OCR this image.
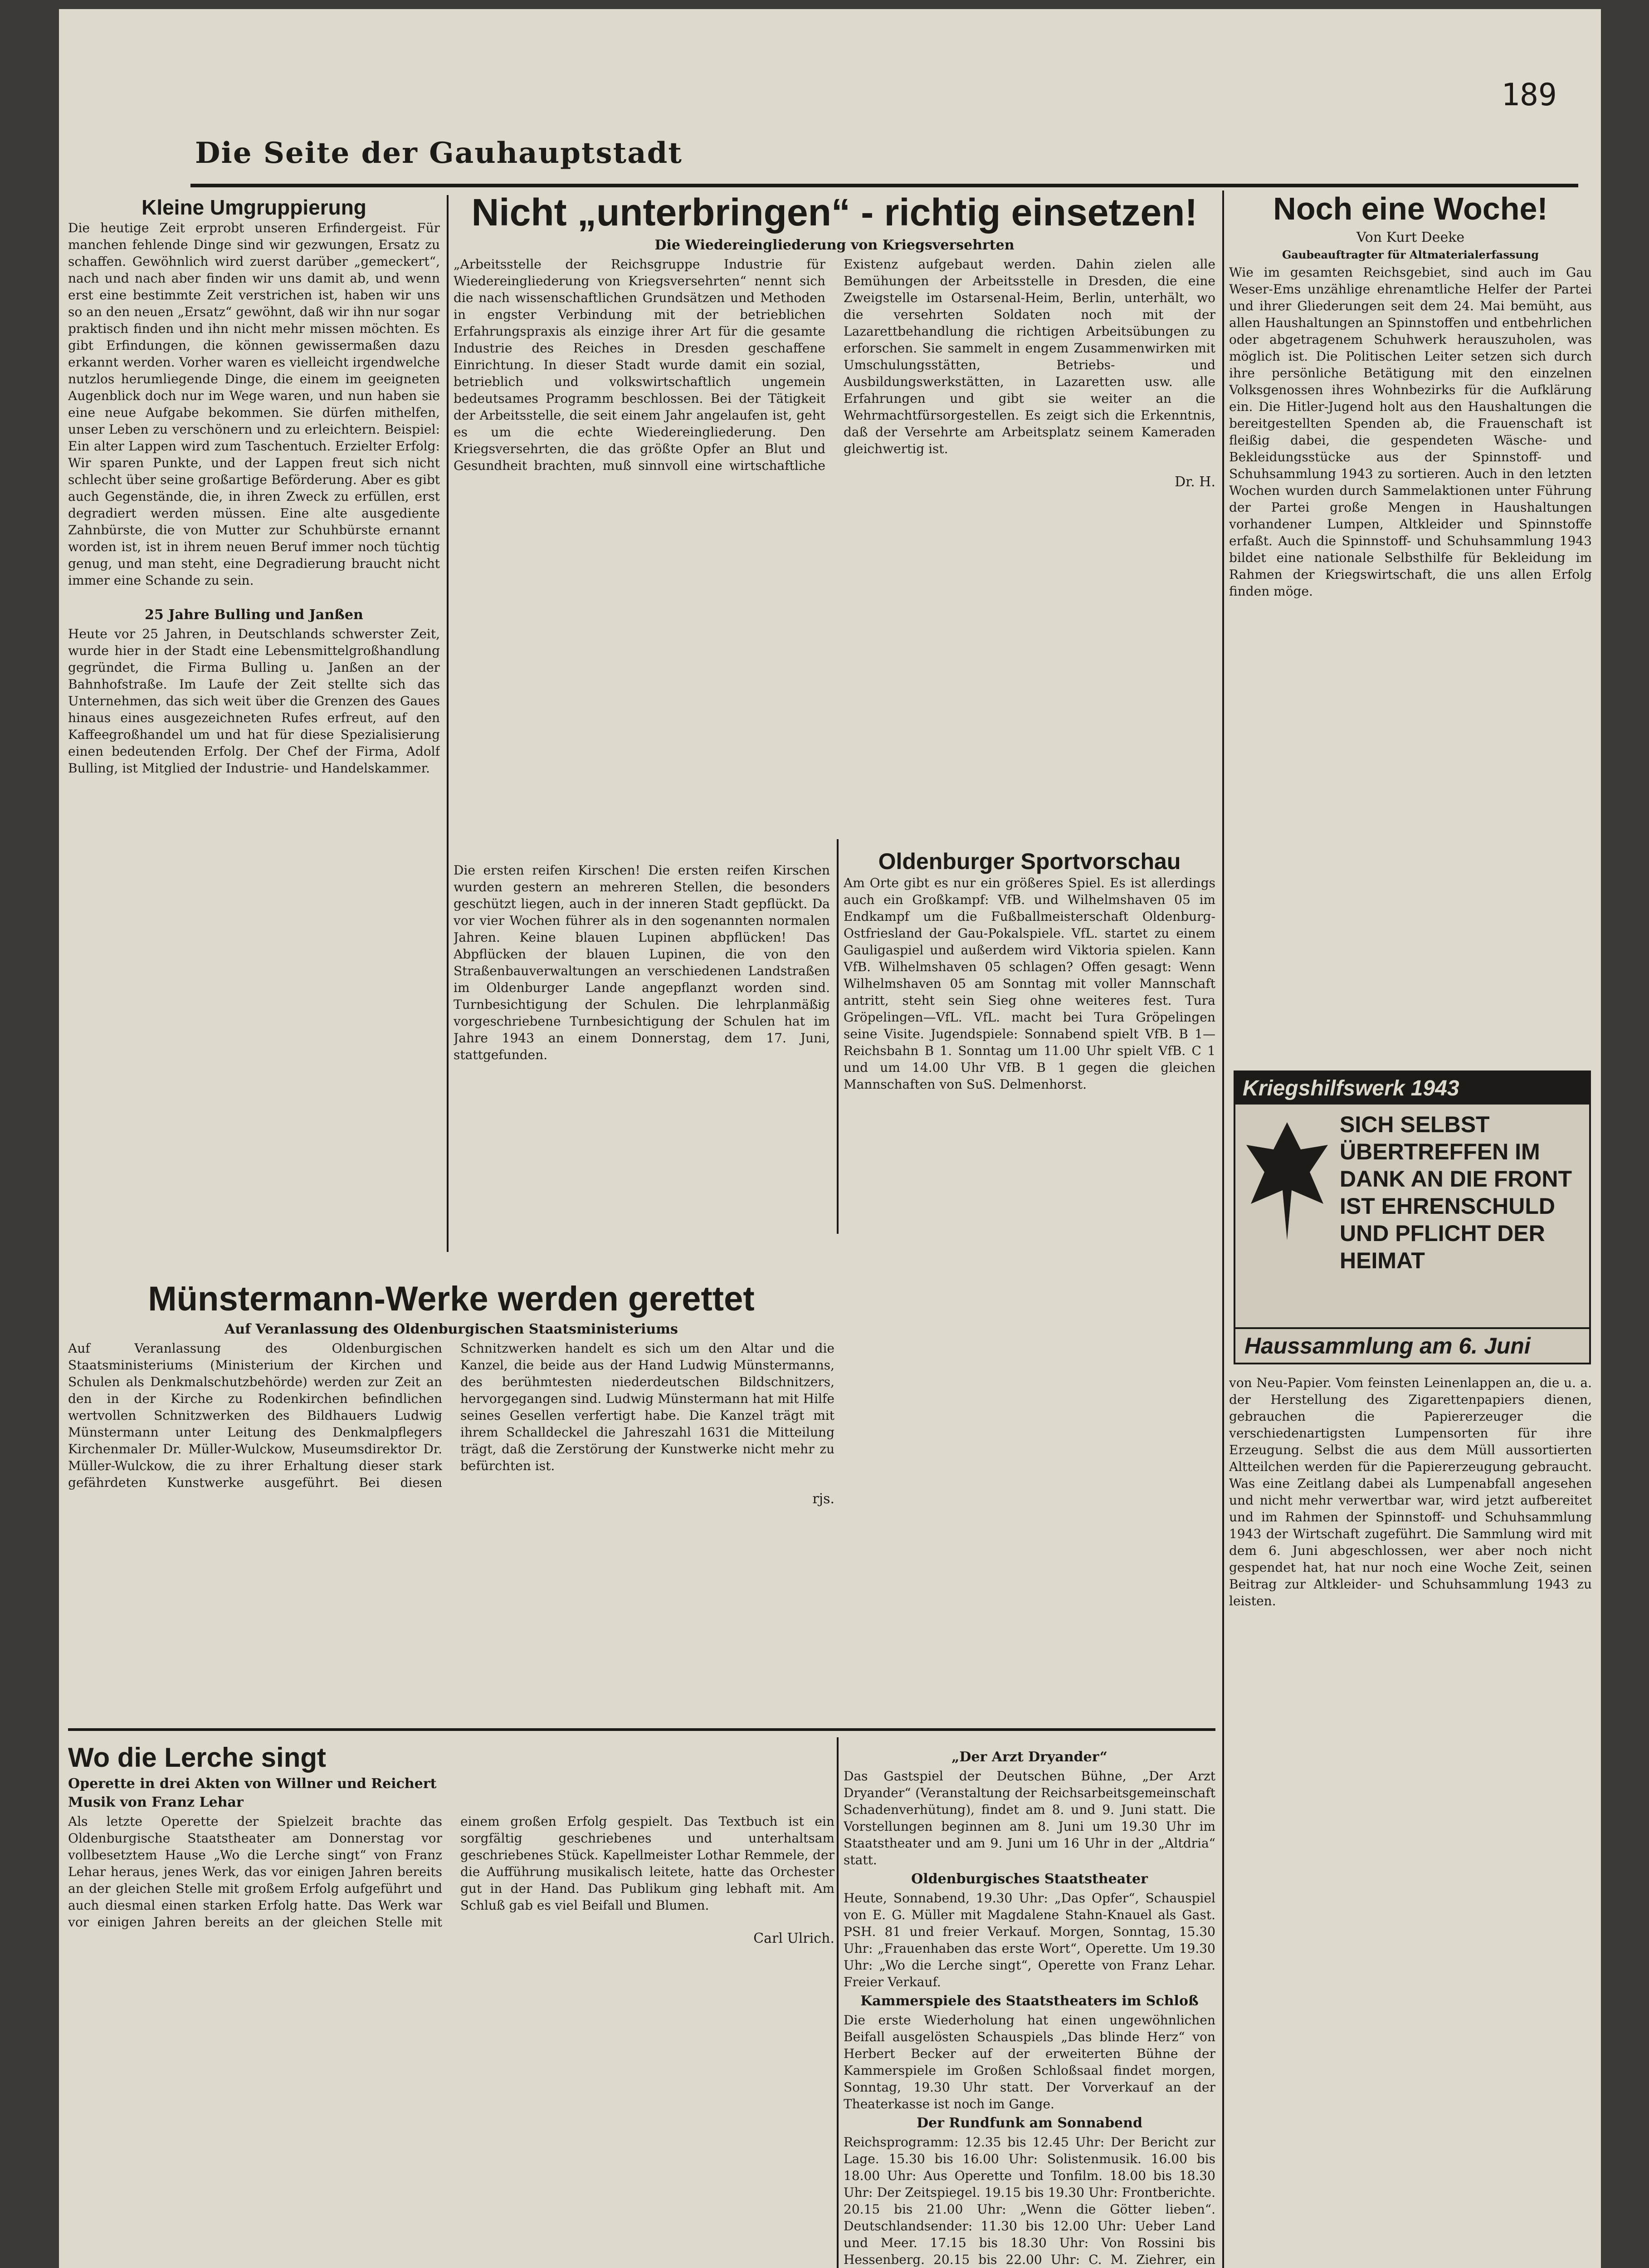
189
Die Seite der Gauhauptstadt
Kleine Umgruppierung

Die heutige Zeit erprobt unseren Erfindergeist. Für manchen fehlende Dinge sind wir gezwungen, Ersatz zu schaffen. Gewöhnlich wird zuerst darüber „gemeckert“, nach und nach aber finden wir uns damit ab, und wenn erst eine bestimmte Zeit verstrichen ist, haben wir uns so an den neuen „Ersatz“ gewöhnt, daß wir ihn nur sogar praktisch finden und ihn nicht mehr missen möchten. Es gibt Erfindungen, die können gewissermaßen dazu erkannt werden. Vorher waren es vielleicht irgendwelche nutzlos herumliegende Dinge, die einem im geeigneten Augenblick doch nur im Wege waren, und nun haben sie eine neue Aufgabe bekommen. Sie dürfen mithelfen, unser Leben zu verschönern und zu erleichtern. Beispiel: Ein alter Lappen wird zum Taschentuch. Erzielter Erfolg: Wir sparen Punkte, und der Lappen freut sich nicht schlecht über seine großartige Beförderung. Aber es gibt auch Gegenstände, die, in ihren Zweck zu erfüllen, erst degradiert werden müssen. Eine alte ausgediente Zahnbürste, die von Mutter zur Schuhbürste ernannt worden ist, ist in ihrem neuen Beruf immer noch tüchtig genug, und man steht, eine Degradierung braucht nicht immer eine Schande zu sein.

25 Jahre Bulling und Janßen

Heute vor 25 Jahren, in Deutschlands schwerster Zeit, wurde hier in der Stadt eine Lebensmittelgroßhandlung gegründet, die Firma Bulling u. Janßen an der Bahnhofstraße. Im Laufe der Zeit stellte sich das Unternehmen, das sich weit über die Grenzen des Gaues hinaus eines ausgezeichneten Rufes erfreut, auf den Kaffeegroßhandel um und hat für diese Spezialisierung einen bedeutenden Erfolg. Der Chef der Firma, Adolf Bulling, ist Mitglied der Industrie- und Handelskammer.

Nicht „unterbringen“ - richtig einsetzen!
Die Wiedereingliederung von Kriegsversehrten

„Arbeitsstelle der Reichsgruppe Industrie für Wiedereingliederung von Kriegsversehrten“ nennt sich die nach wissenschaftlichen Grundsätzen und Methoden in engster Verbindung mit der betrieblichen Erfahrungspraxis als einzige ihrer Art für die gesamte Industrie des Reiches in Dresden geschaffene Einrichtung. In dieser Stadt wurde damit ein sozial, betrieblich und volkswirtschaftlich ungemein bedeutsames Programm beschlossen. Bei der Tätigkeit der Arbeitsstelle, die seit einem Jahr angelaufen ist, geht es um die echte Wiedereingliederung. Den Kriegsversehrten, die das größte Opfer an Blut und Gesundheit brachten, muß sinnvoll eine wirtschaftliche Existenz aufgebaut werden. Dahin zielen alle Bemühungen der Arbeitsstelle in Dresden, die eine Zweigstelle im Ostarsenal-Heim, Berlin, unterhält, wo die versehrten Soldaten noch mit der Lazarettbehandlung die richtigen Arbeitsübungen zu erforschen. Sie sammelt in engem Zusammenwirken mit Umschulungsstätten, Betriebs- und Ausbildungswerkstätten, in Lazaretten usw. alle Erfahrungen und gibt sie weiter an die Wehrmachtfürsorgestellen. Es zeigt sich die Erkenntnis, daß der Versehrte am Arbeitsplatz seinem Kameraden gleichwertig ist.

Dr. H.

Die ersten reifen Kirschen! Die ersten reifen Kirschen wurden gestern an mehreren Stellen, die besonders geschützt liegen, auch in der inneren Stadt gepflückt. Da vor vier Wochen führer als in den sogenannten normalen Jahren. Keine blauen Lupinen abpflücken! Das Abpflücken der blauen Lupinen, die von den Straßenbauverwaltungen an verschiedenen Landstraßen im Oldenburger Lande angepflanzt worden sind. Turnbesichtigung der Schulen. Die lehrplanmäßig vorgeschriebene Turnbesichtigung der Schulen hat im Jahre 1943 an einem Donnerstag, dem 17. Juni, stattgefunden.

Oldenburger Sportvorschau

Am Orte gibt es nur ein größeres Spiel. Es ist allerdings auch ein Großkampf: VfB. und Wilhelmshaven 05 im Endkampf um die Fußballmeisterschaft Oldenburg-Ostfriesland der Gau-Pokalspiele. VfL. startet zu einem Gauligaspiel und außerdem wird Viktoria spielen. Kann VfB. Wilhelmshaven 05 schlagen? Offen gesagt: Wenn Wilhelmshaven 05 am Sonntag mit voller Mannschaft antritt, steht sein Sieg ohne weiteres fest. Tura Gröpelingen—VfL. VfL. macht bei Tura Gröpelingen seine Visite. Jugendspiele: Sonnabend spielt VfB. B 1—Reichsbahn B 1. Sonntag um 11.00 Uhr spielt VfB. C 1 und um 14.00 Uhr VfB. B 1 gegen die gleichen Mannschaften von SuS. Delmenhorst.

Münstermann-Werke werden gerettet
Auf Veranlassung des Oldenburgischen Staatsministeriums

Auf Veranlassung des Oldenburgischen Staatsministeriums (Ministerium der Kirchen und Schulen als Denkmalschutzbehörde) werden zur Zeit an den in der Kirche zu Rodenkirchen befindlichen wertvollen Schnitzwerken des Bildhauers Ludwig Münstermann unter Leitung des Denkmalpflegers Kirchenmaler Dr. Müller-Wulckow, Museumsdirektor Dr. Müller-Wulckow, die zu ihrer Erhaltung dieser stark gefährdeten Kunstwerke ausgeführt. Bei diesen Schnitzwerken handelt es sich um den Altar und die Kanzel, die beide aus der Hand Ludwig Münstermanns, des berühmtesten niederdeutschen Bildschnitzers, hervorgegangen sind. Ludwig Münstermann hat mit Hilfe seines Gesellen verfertigt habe. Die Kanzel trägt mit ihrem Schalldeckel die Jahreszahl 1631 die Mitteilung trägt, daß die Zerstörung der Kunstwerke nicht mehr zu befürchten ist.

rjs.
Wo die Lerche singt
Operette in drei Akten von Willner und Reichert
Musik von Franz Lehar

Als letzte Operette der Spielzeit brachte das Oldenburgische Staatstheater am Donnerstag vor vollbesetztem Hause „Wo die Lerche singt“ von Franz Lehar heraus, jenes Werk, das vor einigen Jahren bereits an der gleichen Stelle mit großem Erfolg aufgeführt und auch diesmal einen starken Erfolg hatte. Das Werk war vor einigen Jahren bereits an der gleichen Stelle mit einem großen Erfolg gespielt. Das Textbuch ist ein sorgfältig geschriebenes und unterhaltsam geschriebenes Stück. Kapellmeister Lothar Remmele, der die Aufführung musikalisch leitete, hatte das Orchester gut in der Hand. Das Publikum ging lebhaft mit. Am Schluß gab es viel Beifall und Blumen.

Carl Ulrich.
„Der Arzt Dryander“

Das Gastspiel der Deutschen Bühne, „Der Arzt Dryander“ (Veranstaltung der Reichsarbeitsgemeinschaft Schadenverhütung), findet am 8. und 9. Juni statt. Die Vorstellungen beginnen am 8. Juni um 19.30 Uhr im Staatstheater und am 9. Juni um 16 Uhr in der „Altdria“ statt.

Oldenburgisches Staatstheater

Heute, Sonnabend, 19.30 Uhr: „Das Opfer“, Schauspiel von E. G. Müller mit Magdalene Stahn-Knauel als Gast. PSH. 81 und freier Verkauf. Morgen, Sonntag, 15.30 Uhr: „Frauenhaben das erste Wort“, Operette. Um 19.30 Uhr: „Wo die Lerche singt“, Operette von Franz Lehar. Freier Verkauf.

Kammerspiele des Staatstheaters im Schloß

Die erste Wiederholung hat einen ungewöhnlichen Beifall ausgelösten Schauspiels „Das blinde Herz“ von Herbert Becker auf der erweiterten Bühne der Kammerspiele im Großen Schloßsaal findet morgen, Sonntag, 19.30 Uhr statt. Der Vorverkauf an der Theaterkasse ist noch im Gange.

Der Rundfunk am Sonnabend

Reichsprogramm: 12.35 bis 12.45 Uhr: Der Bericht zur Lage. 15.30 bis 16.00 Uhr: Solistenmusik. 16.00 bis 18.00 Uhr: Aus Operette und Tonfilm. 18.00 bis 18.30 Uhr: Der Zeitspiegel. 19.15 bis 19.30 Uhr: Frontberichte. 20.15 bis 21.00 Uhr: „Wenn die Götter lieben“. Deutschlandsender: 11.30 bis 12.00 Uhr: Ueber Land und Meer. 17.15 bis 18.30 Uhr: Von Rossini bis Hessenberg. 20.15 bis 22.00 Uhr: C. M. Ziehrer, ein

Noch eine Woche!
Von Kurt Deeke
Gaubeauftragter für Altmaterialerfassung

Wie im gesamten Reichsgebiet, sind auch im Gau Weser-Ems unzählige ehrenamtliche Helfer der Partei und ihrer Gliederungen seit dem 24. Mai bemüht, aus allen Haushaltungen an Spinnstoffen und entbehrlichen oder abgetragenem Schuhwerk herauszuholen, was möglich ist. Die Politischen Leiter setzen sich durch ihre persönliche Betätigung mit den einzelnen Volksgenossen ihres Wohnbezirks für die Aufklärung ein. Die Hitler-Jugend holt aus den Haushaltungen die bereitgestellten Spenden ab, die Frauenschaft ist fleißig dabei, die gespendeten Wäsche- und Bekleidungsstücke aus der Spinnstoff- und Schuhsammlung 1943 zu sortieren. Auch in den letzten Wochen wurden durch Sammelaktionen unter Führung der Partei große Mengen in Haushaltungen vorhandener Lumpen, Altkleider und Spinnstoffe erfaßt. Auch die Spinnstoff- und Schuhsammlung 1943 bildet eine nationale Selbsthilfe für Bekleidung im Rahmen der Kriegswirtschaft, die uns allen Erfolg finden möge.

Kriegshilfswerk 1943
SICH SELBST ÜBERTREFFEN IM DANK AN DIE FRONT IST EHRENSCHULD UND PFLICHT DER HEIMAT
Haussammlung am 6. Juni

von Neu-Papier. Vom feinsten Leinenlappen an, die u. a. der Herstellung des Zigarettenpapiers dienen, gebrauchen die Papiererzeuger die verschiedenartigsten Lumpensorten für ihre Erzeugung. Selbst die aus dem Müll aussortierten Altteilchen werden für die Papiererzeugung gebraucht. Was eine Zeitlang dabei als Lumpenabfall angesehen und nicht mehr verwertbar war, wird jetzt aufbereitet und im Rahmen der Spinnstoff- und Schuhsammlung 1943 der Wirtschaft zugeführt. Die Sammlung wird mit dem 6. Juni abgeschlossen, wer aber noch nicht gespendet hat, hat nur noch eine Woche Zeit, seinen Beitrag zur Altkleider- und Schuhsammlung 1943 zu leisten.
